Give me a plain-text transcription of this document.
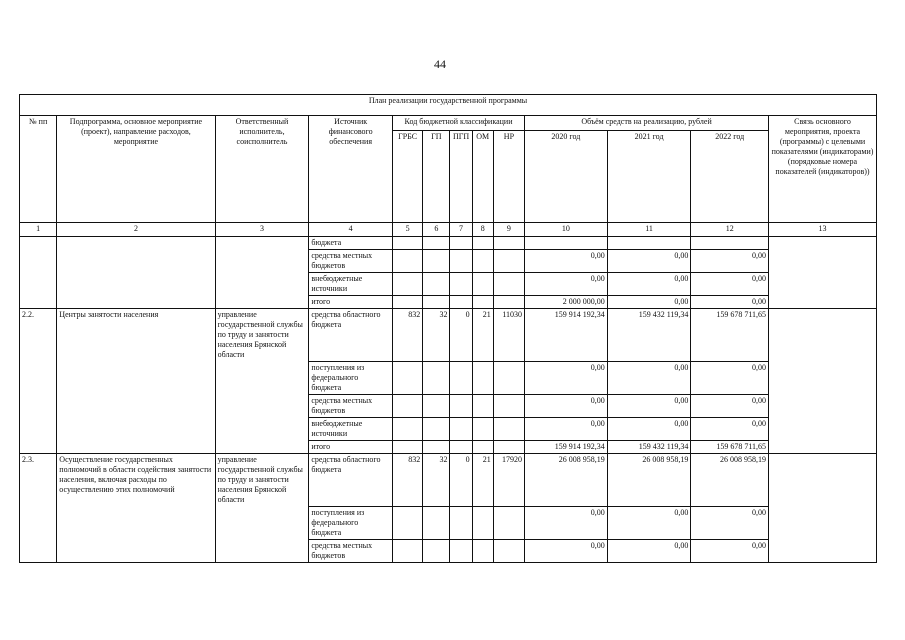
44
План реализации государственной программы												
№ пп	Подпрограмма, основное мероприятие (проект), направление расходов, мероприятие	Ответственный исполнитель, соисполнитель	Источник финансового обеспечения	Код бюджетной классификации					Объём средств на реализацию, рублей			Связь основного мероприятия, проекта (программы) с целевыми показателями (индикаторами) (порядковые номера показателей (индикаторов))
				ГРБС	ГП	ПГП	ОМ	НР	2020 год	2021 год	2022 год	
1	2	3	4	5	6	7	8	9	10	11	12	13
			бюджета									
			средства местных бюджетов						0,00	0,00	0,00	
			внебюджетные источники						0,00	0,00	0,00	
			итого						2 000 000,00	0,00	0,00	
2.2.	Центры занятости населения	управление государственной службы по труду и занятости населения Брянской области	средства областного бюджета	832	32	0	21	11030	159 914 192,34	159 432 119,34	159 678 711,65	
			поступления из федерального бюджета						0,00	0,00	0,00	
			средства местных бюджетов						0,00	0,00	0,00	
			внебюджетные источники						0,00	0,00	0,00	
			итого						159 914 192,34	159 432 119,34	159 678 711,65	
2.3.	Осуществление государственных полномочий в области содействия занятости населения, включая расходы по осуществлению этих полномочий	управление государственной службы по труду и занятости населения Брянской области	средства областного бюджета	832	32	0	21	17920	26 008 958,19	26 008 958,19	26 008 958,19	
			поступления из федерального бюджета						0,00	0,00	0,00	
			средства местных бюджетов						0,00	0,00	0,00	
